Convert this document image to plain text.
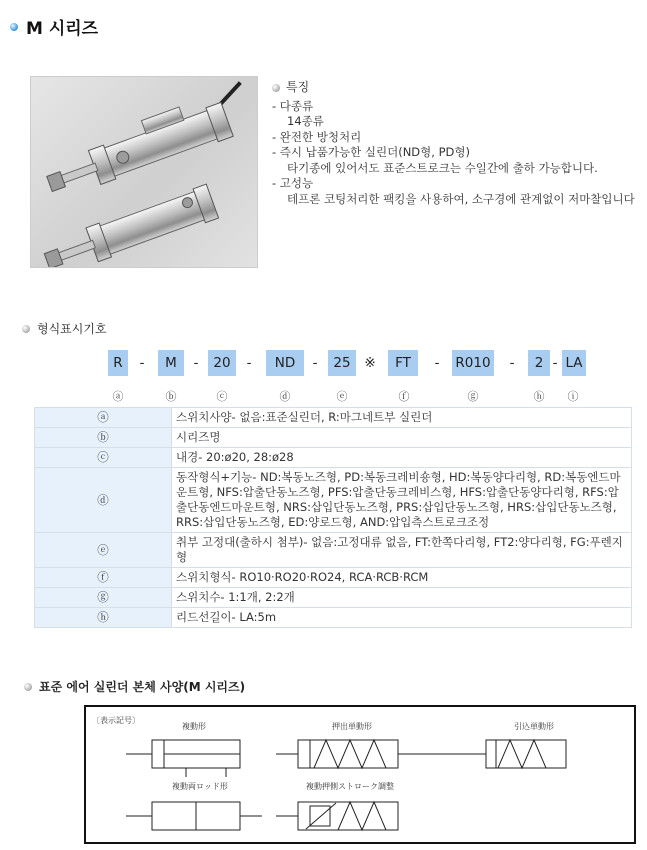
M 시리즈
특징
- 다종류
14종류
- 완전한 방청처리
- 즉시 납품가능한 실린더(ND형, PD형)
타기종에 있어서도 표준스트로크는 수일간에 출하 가능합니다.
- 고성능
테프론 코팅처리한 팩킹을 사용하여, 소구경에 관계없이 저마찰입니다
형식표시기호
R	-	M	-	20	-	ND	-	25	※	FT	-	R010	-	2 - LA
ⓐ	ⓑ	ⓒ	ⓓ	ⓔ	ⓕ	ⓖ	ⓗ	ⓘ
ⓐ	스위치사양- 없음:표준실린더, R:마그네트부 실린더
ⓑ	시리즈명
ⓒ	내경- 20:ø20, 28:ø28
ⓓ	동작형식+기능- ND:복동노즈형, PD:복동크레비숑형, HD:복동양다리형, RD:복동엔드마운트형, NFS:압출단동노즈형, PFS:압출단동크레비스형, HFS:압출단동양다리형, RFS:압출단동엔드마운트형, NRS:삽입단동노즈형, PRS:삽입단동노즈형, HRS:삽입단동노즈형, RRS:삽입단동노즈형, ED:양로드형, AND:압입측스트로크조정
ⓔ	취부 고정대(출하시 첨부)- 없음:고정대류 없음, FT:한쪽다리형, FT2:양다리형, FG:푸렌지형
ⓕ	스위치형식- RO10·RO20·RO24, RCA·RCB·RCM
ⓖ	스위치수- 1:1개, 2:2개
ⓗ	리드선길이- LA:5m
표준 에어 실린더 본체 사양(M 시리즈)
〔表示記号〕
複動形	押出単動形	引込単動形
複動両ロッド形	複動押側ストローク調整
